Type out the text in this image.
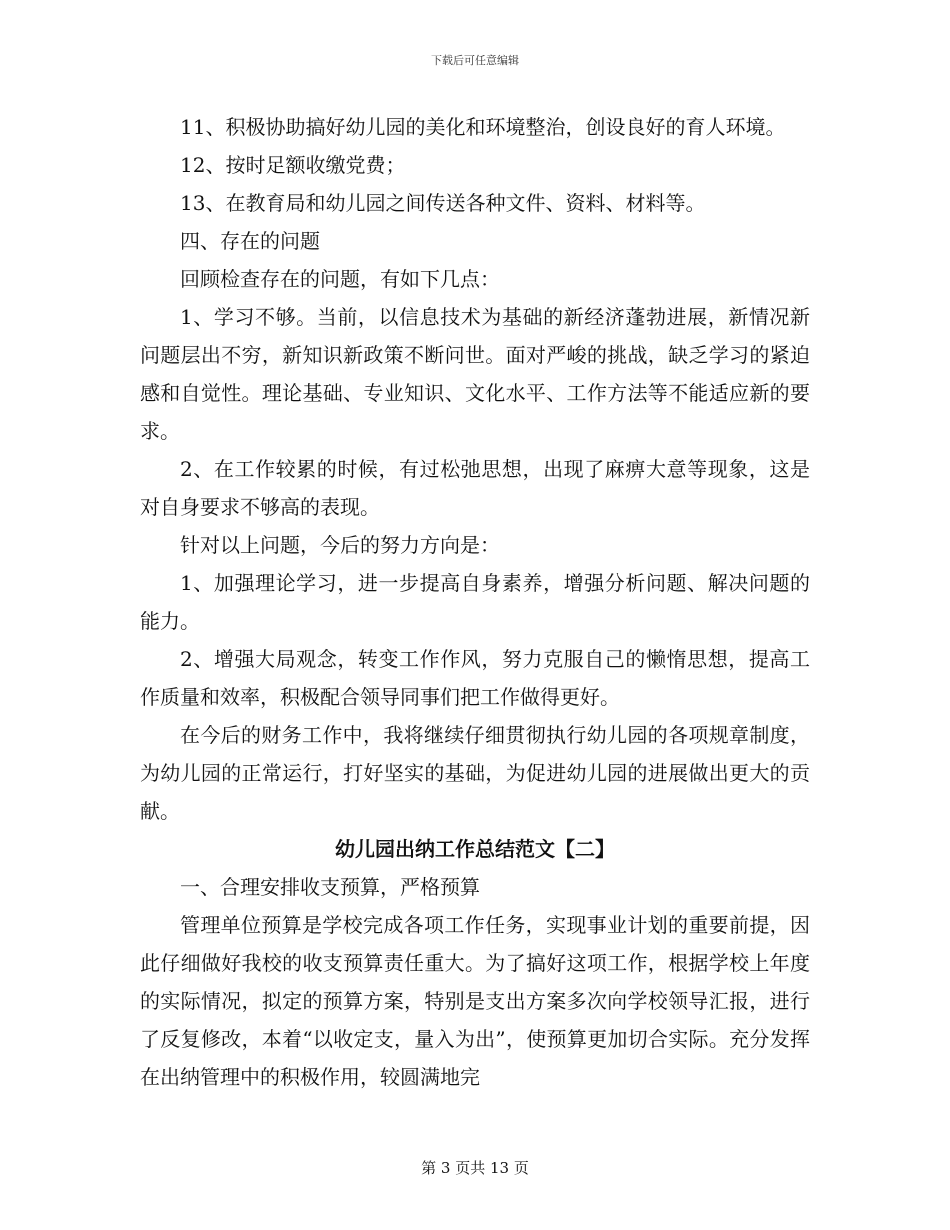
下载后可任意编辑

11、积极协助搞好幼儿园的美化和环境整治，创设良好的育人环境。

12、按时足额收缴党费；

13、在教育局和幼儿园之间传送各种文件、资料、材料等。

四、存在的问题

回顾检查存在的问题，有如下几点：

1、学习不够。当前，以信息技术为基础的新经济蓬勃进展，新情况新问题层出不穷，新知识新政策不断问世。面对严峻的挑战，缺乏学习的紧迫感和自觉性。理论基础、专业知识、文化水平、工作方法等不能适应新的要求。

2、在工作较累的时候，有过松弛思想，出现了麻痹大意等现象，这是对自身要求不够高的表现。

针对以上问题，今后的努力方向是：

1、加强理论学习，进一步提高自身素养，增强分析问题、解决问题的能力。

2、增强大局观念，转变工作作风，努力克服自己的懒惰思想，提高工作质量和效率，积极配合领导同事们把工作做得更好。

在今后的财务工作中，我将继续仔细贯彻执行幼儿园的各项规章制度，为幼儿园的正常运行，打好坚实的基础，为促进幼儿园的进展做出更大的贡献。

幼儿园出纳工作总结范文【二】

一、合理安排收支预算，严格预算

管理单位预算是学校完成各项工作任务，实现事业计划的重要前提，因此仔细做好我校的收支预算责任重大。为了搞好这项工作，根据学校上年度的实际情况，拟定的预算方案，特别是支出方案多次向学校领导汇报，进行了反复修改，本着“以收定支，量入为出”，使预算更加切合实际。充分发挥在出纳管理中的积极作用，较圆满地完

第 3 页共 13 页
